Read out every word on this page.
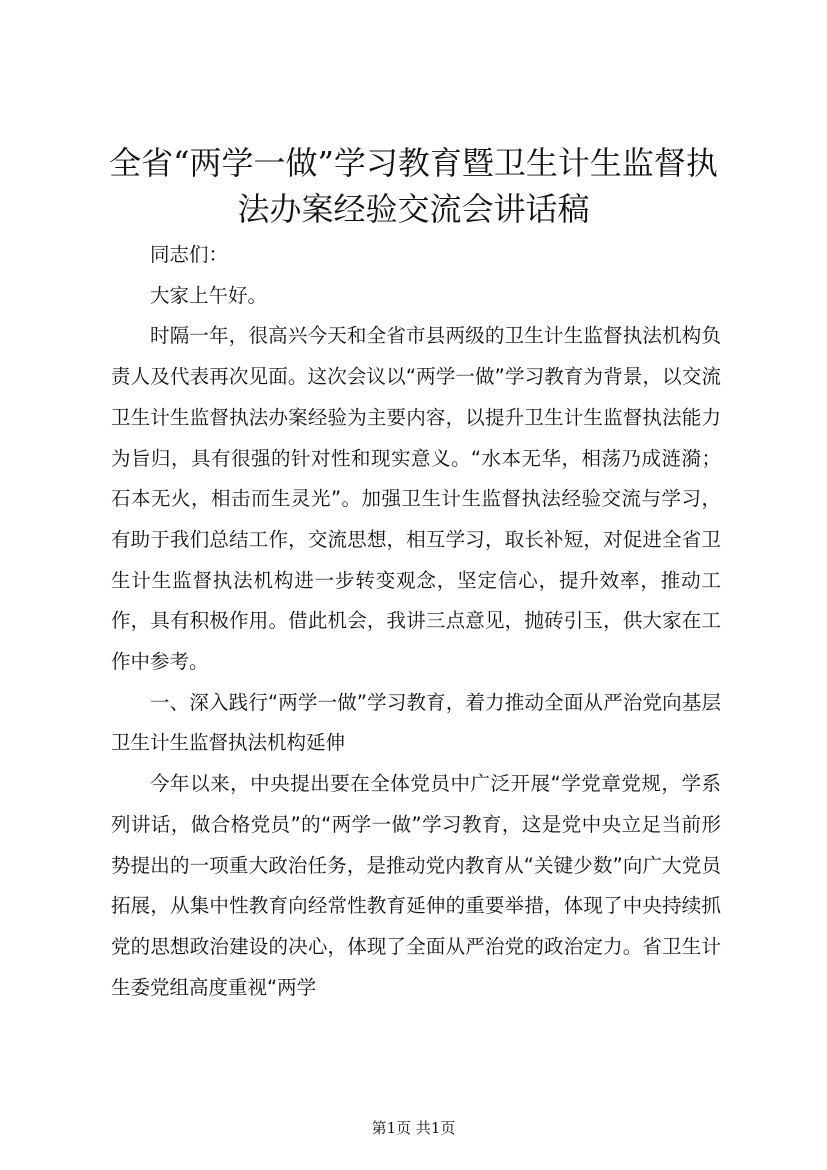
全省“两学一做”学习教育暨卫生计生监督执法办案经验交流会讲话稿

同志们：

大家上午好。

时隔一年，很高兴今天和全省市县两级的卫生计生监督执法机构负责人及代表再次见面。这次会议以“两学一做”学习教育为背景，以交流卫生计生监督执法办案经验为主要内容，以提升卫生计生监督执法能力为旨归，具有很强的针对性和现实意义。“水本无华，相荡乃成涟漪；石本无火，相击而生灵光”。加强卫生计生监督执法经验交流与学习，有助于我们总结工作，交流思想，相互学习，取长补短，对促进全省卫生计生监督执法机构进一步转变观念，坚定信心，提升效率，推动工作，具有积极作用。借此机会，我讲三点意见，抛砖引玉，供大家在工作中参考。

一、深入践行“两学一做”学习教育，着力推动全面从严治党向基层卫生计生监督执法机构延伸

今年以来，中央提出要在全体党员中广泛开展“学党章党规，学系列讲话，做合格党员”的“两学一做”学习教育，这是党中央立足当前形势提出的一项重大政治任务，是推动党内教育从“关键少数”向广大党员拓展，从集中性教育向经常性教育延伸的重要举措，体现了中央持续抓党的思想政治建设的决心，体现了全面从严治党的政治定力。省卫生计生委党组高度重视“两学

第1页 共1页
